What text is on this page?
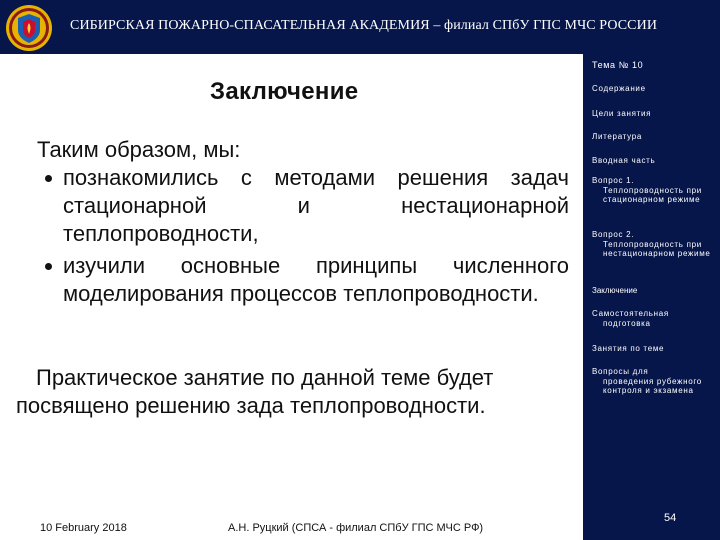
СИБИРСКАЯ ПОЖАРНО-СПАСАТЕЛЬНАЯ АКАДЕМИЯ – филиал СПбУ ГПС МЧС РОССИИ
Тема № 10
Содержание
Цели занятия
Литература
Вводная часть
Вопрос 1.
Теплопроводность при стационарном режиме
Вопрос 2.
Теплопроводность при нестационарном режиме
Заключение
Самостоятельная
подготовка
Занятия по теме
Вопросы для
проведения рубежного контроля и экзамена
Заключение
Таким образом, мы:
познакомились с методами решения задач стационарной и нестационарной теплопроводности,
изучили основные принципы численного моделирования процессов теплопроводности.
Практическое занятие по данной теме будет посвящено решению зада теплопроводности.
10 February 2018	А.Н. Руцкий (СПСА - филиал СПбУ ГПС МЧС РФ)
54
